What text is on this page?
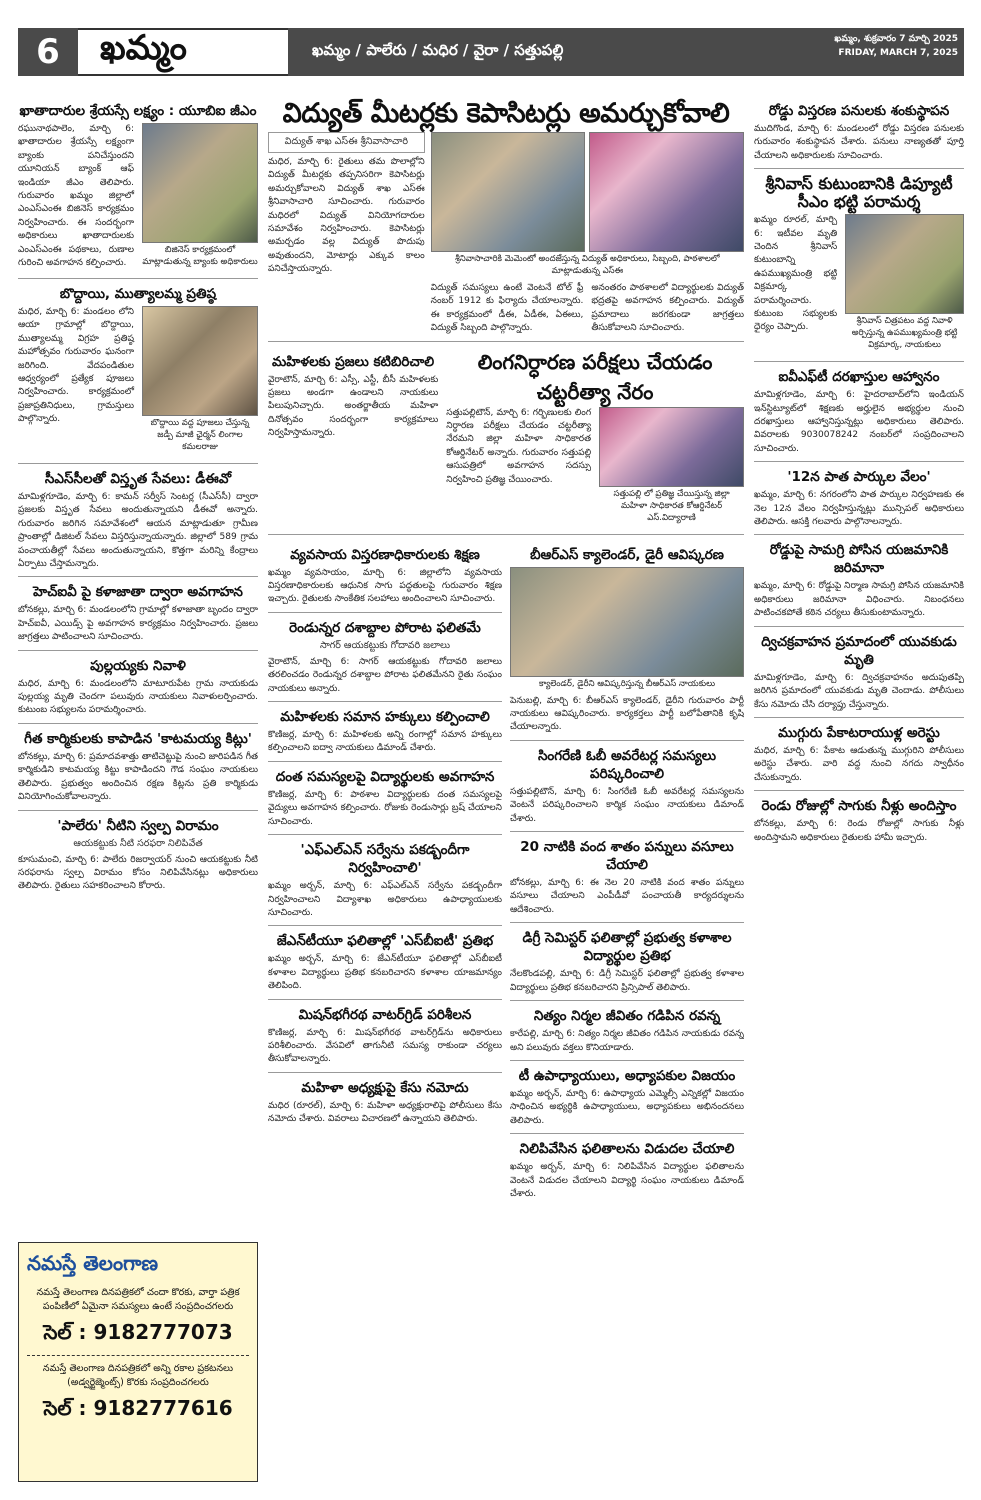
6	ఖమ్మం	ఖమ్మం / పాలేరు / మధిర / వైరా / సత్తుపల్లి
ఖమ్మం, శుక్రవారం 7 మార్చి 2025
FRIDAY, MARCH 7, 2025
ఖాతాదారుల శ్రేయస్సే లక్ష్యం : యూబిఐ జీఎం
రఘునాథపాలెం, మార్చి 6: ఖాతాదారుల శ్రేయస్సే లక్ష్యంగా బ్యాంకు పనిచేస్తుందని యూనియన్ బ్యాంక్ ఆఫ్ ఇండియా జీఎం తెలిపారు. గురువారం ఖమ్మం జిల్లాలో ఎంఎస్ఎంఈ బిజినెస్ కార్యక్రమం నిర్వహించారు. ఈ సందర్భంగా అధికారులు ఖాతాదారులకు ఎంఎస్ఎంఈ పథకాలు, రుణాల గురించి అవగాహన కల్పించారు.
బిజినెస్ కార్యక్రమంలో మాట్లాడుతున్న బ్యాంకు అధికారులు
బొద్దాయి, ముత్యాలమ్మ ప్రతిష్ఠ
మధిర, మార్చి 6: మండలం లోని ఆయా గ్రామాల్లో బొద్దాయి, ముత్యాలమ్మ విగ్రహ ప్రతిష్ఠ మహోత్సవం గురువారం ఘనంగా జరిగింది. వేదపండితుల ఆధ్వర్యంలో ప్రత్యేక పూజలు నిర్వహించారు. కార్యక్రమంలో ప్రజాప్రతినిధులు, గ్రామస్తులు పాల్గొన్నారు.	బొద్దాయి వద్ద పూజలు చేస్తున్న జడ్పీ మాజీ ఛైర్మన్ లింగాల కమలరాజు
సీఎస్‌సీలతో విస్తృత సేవలు: డీఈవో
మామిళ్లగూడెం, మార్చి 6: కామన్ సర్వీస్ సెంటర్ల (సీఎస్‌సీ) ద్వారా ప్రజలకు విస్తృత సేవలు అందుతున్నాయని డీఈవో అన్నారు. గురువారం జరిగిన సమావేశంలో ఆయన మాట్లాడుతూ గ్రామీణ ప్రాంతాల్లో డిజిటల్ సేవలు విస్తరిస్తున్నాయన్నారు. జిల్లాలో 589 గ్రామ పంచాయతీల్లో సేవలు అందుతున్నాయని, కొత్తగా మరిన్ని కేంద్రాలు ఏర్పాటు చేస్తామన్నారు.
హెచ్ఐవీ పై కళాజాతా ద్వారా అవగాహన
బోనకల్లు, మార్చి 6: మండలంలోని గ్రామాల్లో కళాజాతా బృందం ద్వారా హెచ్ఐవీ, ఎయిడ్స్ పై అవగాహన కార్యక్రమం నిర్వహించారు. ప్రజలు జాగ్రత్తలు పాటించాలని సూచించారు.
పుల్లయ్యకు నివాళి
మధిర, మార్చి 6: మండలంలోని మాటూరుపేట గ్రామ నాయకుడు పుల్లయ్య మృతి చెందగా పలువురు నాయకులు నివాళులర్పించారు. కుటుంబ సభ్యులను పరామర్శించారు.
గీత కార్మికులకు కాపాడిన 'కాటమయ్య కిట్లు'
బోనకల్లు, మార్చి 6: ప్రమాదవశాత్తు తాటిచెట్టుపై నుంచి జారిపడిన గీత కార్మికుడిని కాటమయ్య కిట్టు కాపాడిందని గౌడ సంఘం నాయకులు తెలిపారు. ప్రభుత్వం అందించిన రక్షణ కిట్లను ప్రతి కార్మికుడు వినియోగించుకోవాలన్నారు.
'పాలేరు' నీటిని స్వల్ప విరామం
ఆయకట్టుకు నీటి సరఫరా నిలిపివేత
కూసుమంచి, మార్చి 6: పాలేరు రిజర్వాయర్ నుంచి ఆయకట్టుకు నీటి సరఫరాను స్వల్ప విరామం కోసం నిలిపివేసినట్లు అధికారులు తెలిపారు. రైతులు సహకరించాలని కోరారు.
నమస్తే తెలంగాణ
నమస్తే తెలంగాణ దినపత్రికలో చందా కొరకు, వార్తా పత్రిక పంపిణీలో ఏమైనా సమస్యలు ఉంటే సంప్రదించగలరు
సెల్ : 9182777073
నమస్తే తెలంగాణ దినపత్రికలో అన్ని రకాల ప్రకటనలు (అడ్వర్టైజ్మెంట్స్) కొరకు సంప్రదించగలరు
సెల్ : 9182777616
విద్యుత్ మీటర్లకు కెపాసిటర్లు అమర్చుకోవాలి
విద్యుత్ శాఖ ఎస్ఈ శ్రీనివాసాచారి
మధిర, మార్చి 6: రైతులు తమ పొలాల్లోని విద్యుత్ మీటర్లకు తప్పనిసరిగా కెపాసిటర్లు అమర్చుకోవాలని విద్యుత్ శాఖ ఎస్ఈ శ్రీనివాసాచారి సూచించారు. గురువారం మధిరలో విద్యుత్ వినియోగదారుల సమావేశం నిర్వహించారు. కెపాసిటర్లు అమర్చడం వల్ల విద్యుత్ పొదుపు అవుతుందని, మోటార్లు ఎక్కువ కాలం పనిచేస్తాయన్నారు.
శ్రీనివాసాచారికి మెమెంటో అందజేస్తున్న విద్యుత్ అధికారులు, సిబ్బంది, పాఠశాలలో మాట్లాడుతున్న ఎస్ఈ
విద్యుత్ సమస్యలు ఉంటే వెంటనే టోల్ ఫ్రీ నంబర్ 1912 కు ఫిర్యాదు చేయాలన్నారు. ఈ కార్యక్రమంలో డీఈ, ఏడీఈ, ఏఈలు, విద్యుత్ సిబ్బంది పాల్గొన్నారు.
అనంతరం పాఠశాలలో విద్యార్థులకు విద్యుత్ భద్రతపై అవగాహన కల్పించారు. విద్యుత్ ప్రమాదాలు జరగకుండా జాగ్రత్తలు తీసుకోవాలని సూచించారు.
మహిళలకు ప్రజలు కటిబిరిచాలి
వైరాటౌన్, మార్చి 6: ఎస్సీ, ఎస్టీ, బీసీ మహిళలకు ప్రజలు అండగా ఉండాలని నాయకులు పిలుపునిచ్చారు. అంతర్జాతీయ మహిళా దినోత్సవం సందర్భంగా కార్యక్రమాలు నిర్వహిస్తామన్నారు.
లింగనిర్ధారణ పరీక్షలు చేయడం చట్టరీత్యా నేరం
సత్తుపల్లిటౌన్, మార్చి 6: గర్భిణులకు లింగ నిర్ధారణ పరీక్షలు చేయడం చట్టరీత్యా నేరమని జిల్లా మహిళా సాధికారత కోఆర్డినేటర్ అన్నారు. గురువారం సత్తుపల్లి ఆసుపత్రిలో అవగాహన సదస్సు నిర్వహించి ప్రతిజ్ఞ చేయించారు.
సత్తుపల్లి లో ప్రతిజ్ఞ చేయిస్తున్న జిల్లా మహిళా సాధికారత కోఆర్డినేటర్ ఎస్.విద్యారాణి
వ్యవసాయ విస్తరణాధికారులకు శిక్షణ
ఖమ్మం వ్యవసాయం, మార్చి 6: జిల్లాలోని వ్యవసాయ విస్తరణాధికారులకు ఆధునిక సాగు పద్ధతులపై గురువారం శిక్షణ ఇచ్చారు. రైతులకు సాంకేతిక సలహాలు అందించాలని సూచించారు.
రెండున్నర దశాబ్దాల పోరాట ఫలితమే
సాగర్ ఆయకట్టుకు గోదావరి జలాలు
వైరాటౌన్, మార్చి 6: సాగర్ ఆయకట్టుకు గోదావరి జలాలు తరలించడం రెండున్నర దశాబ్దాల పోరాట ఫలితమేనని రైతు సంఘం నాయకులు అన్నారు.
మహిళలకు సమాన హక్కులు కల్పించాలి
కొణిజర్ల, మార్చి 6: మహిళలకు అన్ని రంగాల్లో సమాన హక్కులు కల్పించాలని ఐద్వా నాయకులు డిమాండ్ చేశారు.
దంత సమస్యలపై విద్యార్థులకు అవగాహన
కొణిజర్ల, మార్చి 6: పాఠశాల విద్యార్థులకు దంత సమస్యలపై వైద్యులు అవగాహన కల్పించారు. రోజుకు రెండుసార్లు బ్రష్ చేయాలని సూచించారు.
'ఎఫ్ఎల్ఎన్ సర్వేను పకడ్బందీగా నిర్వహించాలి'
ఖమ్మం అర్బన్, మార్చి 6: ఎఫ్ఎల్ఎన్ సర్వేను పకడ్బందీగా నిర్వహించాలని విద్యాశాఖ అధికారులు ఉపాధ్యాయులకు సూచించారు.
జేఎన్‌టీయూ ఫలితాల్లో 'ఎస్‌బీఐటీ' ప్రతిభ
ఖమ్మం అర్బన్, మార్చి 6: జేఎన్‌టీయూ ఫలితాల్లో ఎస్‌బీఐటీ కళాశాల విద్యార్థులు ప్రతిభ కనబరిచారని కళాశాల యాజమాన్యం తెలిపింది.
మిషన్‌భగీరథ వాటర్‌గ్రిడ్ పరిశీలన
కొణిజర్ల, మార్చి 6: మిషన్‌భగీరథ వాటర్‌గ్రిడ్‌ను అధికారులు పరిశీలించారు. వేసవిలో తాగునీటి సమస్య రాకుండా చర్యలు తీసుకోవాలన్నారు.
మహిళా అధ్యక్షుపై కేసు నమోదు
మధిర (రూరల్), మార్చి 6: మహిళా అధ్యక్షురాలిపై పోలీసులు కేసు నమోదు చేశారు. వివరాలు విచారణలో ఉన్నాయని తెలిపారు.
బీఆర్ఎస్ క్యాలెండర్, డైరీ ఆవిష్కరణ
క్యాలెండర్, డైరీని ఆవిష్కరిస్తున్న బీఆర్ఎస్ నాయకులు
పెనుబల్లి, మార్చి 6: బీఆర్ఎస్ క్యాలెండర్, డైరీని గురువారం పార్టీ నాయకులు ఆవిష్కరించారు. కార్యకర్తలు పార్టీ బలోపేతానికి కృషి చేయాలన్నారు.
సింగరేణి ఓబీ అవరేటర్ల సమస్యలు పరిష్కరించాలి
సత్తుపల్లిటౌన్, మార్చి 6: సింగరేణి ఓబీ అవరేటర్ల సమస్యలను వెంటనే పరిష్కరించాలని కార్మిక సంఘం నాయకులు డిమాండ్ చేశారు.
20 నాటికి వంద శాతం పన్నులు వసూలు చేయాలి
బోనకల్లు, మార్చి 6: ఈ నెల 20 నాటికి వంద శాతం పన్నులు వసూలు చేయాలని ఎంపీడీవో పంచాయతీ కార్యదర్శులను ఆదేశించారు.
డిగ్రీ సెమిస్టర్ ఫలితాల్లో ప్రభుత్వ కళాశాల విద్యార్థుల ప్రతిభ
నేలకొండపల్లి, మార్చి 6: డిగ్రీ సెమిస్టర్ ఫలితాల్లో ప్రభుత్వ కళాశాల విద్యార్థులు ప్రతిభ కనబరిచారని ప్రిన్సిపాల్ తెలిపారు.
నిత్యం నిర్మల జీవితం గడిపిన రవన్న
కారేపల్లి, మార్చి 6: నిత్యం నిర్మల జీవితం గడిపిన నాయకుడు రవన్న అని పలువురు వక్తలు కొనియాడారు.
టీ ఉపాధ్యాయులు, అధ్యాపకుల విజయం
ఖమ్మం అర్బన్, మార్చి 6: ఉపాధ్యాయ ఎమ్మెల్సీ ఎన్నికల్లో విజయం సాధించిన అభ్యర్థికి ఉపాధ్యాయులు, అధ్యాపకులు అభినందనలు తెలిపారు.
నిలిపివేసిన ఫలితాలను విడుదల చేయాలి
ఖమ్మం అర్బన్, మార్చి 6: నిలిపివేసిన విద్యార్థుల ఫలితాలను వెంటనే విడుదల చేయాలని విద్యార్థి సంఘం నాయకులు డిమాండ్ చేశారు.
రోడ్డు విస్తరణ పనులకు శంకుస్థాపన
ముదిగొండ, మార్చి 6: మండలంలో రోడ్డు విస్తరణ పనులకు గురువారం శంకుస్థాపన చేశారు. పనులు నాణ్యతతో పూర్తి చేయాలని అధికారులకు సూచించారు.
శ్రీనివాస్ కుటుంబానికి డిప్యూటీ సీఎం భట్టి పరామర్శ
ఖమ్మం రూరల్, మార్చి 6: ఇటీవల మృతి చెందిన శ్రీనివాస్ కుటుంబాన్ని ఉపముఖ్యమంత్రి భట్టి విక్రమార్క పరామర్శించారు. కుటుంబ సభ్యులకు ధైర్యం చెప్పారు.
శ్రీనివాస్ చిత్రపటం వద్ద నివాళి అర్పిస్తున్న ఉపముఖ్యమంత్రి భట్టి విక్రమార్క, నాయకులు
ఐవీఎఫ్‌టీ దరఖాస్తుల ఆహ్వానం
మామిళ్లగూడెం, మార్చి 6: హైదరాబాద్‌లోని ఇండియన్ ఇన్‌స్టిట్యూట్‌లో శిక్షణకు అర్హులైన అభ్యర్థుల నుంచి దరఖాస్తులు ఆహ్వానిస్తున్నట్లు అధికారులు తెలిపారు. వివరాలకు 9030078242 నంబర్‌లో సంప్రదించాలని సూచించారు.
'12న పాత పార్కుల వేలం'
ఖమ్మం, మార్చి 6: నగరంలోని పాత పార్కుల నిర్వహణకు ఈ నెల 12న వేలం నిర్వహిస్తున్నట్లు మున్సిపల్ అధికారులు తెలిపారు. ఆసక్తి గలవారు పాల్గొనాలన్నారు.
రోడ్డుపై సామగ్రి పోసిన యజమానికి జరిమానా
ఖమ్మం, మార్చి 6: రోడ్డుపై నిర్మాణ సామగ్రి పోసిన యజమానికి అధికారులు జరిమానా విధించారు. నిబంధనలు పాటించకపోతే కఠిన చర్యలు తీసుకుంటామన్నారు.
ద్విచక్రవాహన ప్రమాదంలో యువకుడు మృతి
మామిళ్లగూడెం, మార్చి 6: ద్విచక్రవాహనం అదుపుతప్పి జరిగిన ప్రమాదంలో యువకుడు మృతి చెందాడు. పోలీసులు కేసు నమోదు చేసి దర్యాప్తు చేస్తున్నారు.
ముగ్గురు పేకాటరాయుళ్ల అరెస్టు
మధిర, మార్చి 6: పేకాట ఆడుతున్న ముగ్గురిని పోలీసులు అరెస్టు చేశారు. వారి వద్ద నుంచి నగదు స్వాధీనం చేసుకున్నారు.
రెండు రోజుల్లో సాగుకు నీళ్లు అందిస్తాం
బోనకల్లు, మార్చి 6: రెండు రోజుల్లో సాగుకు నీళ్లు అందిస్తామని అధికారులు రైతులకు హామీ ఇచ్చారు.
